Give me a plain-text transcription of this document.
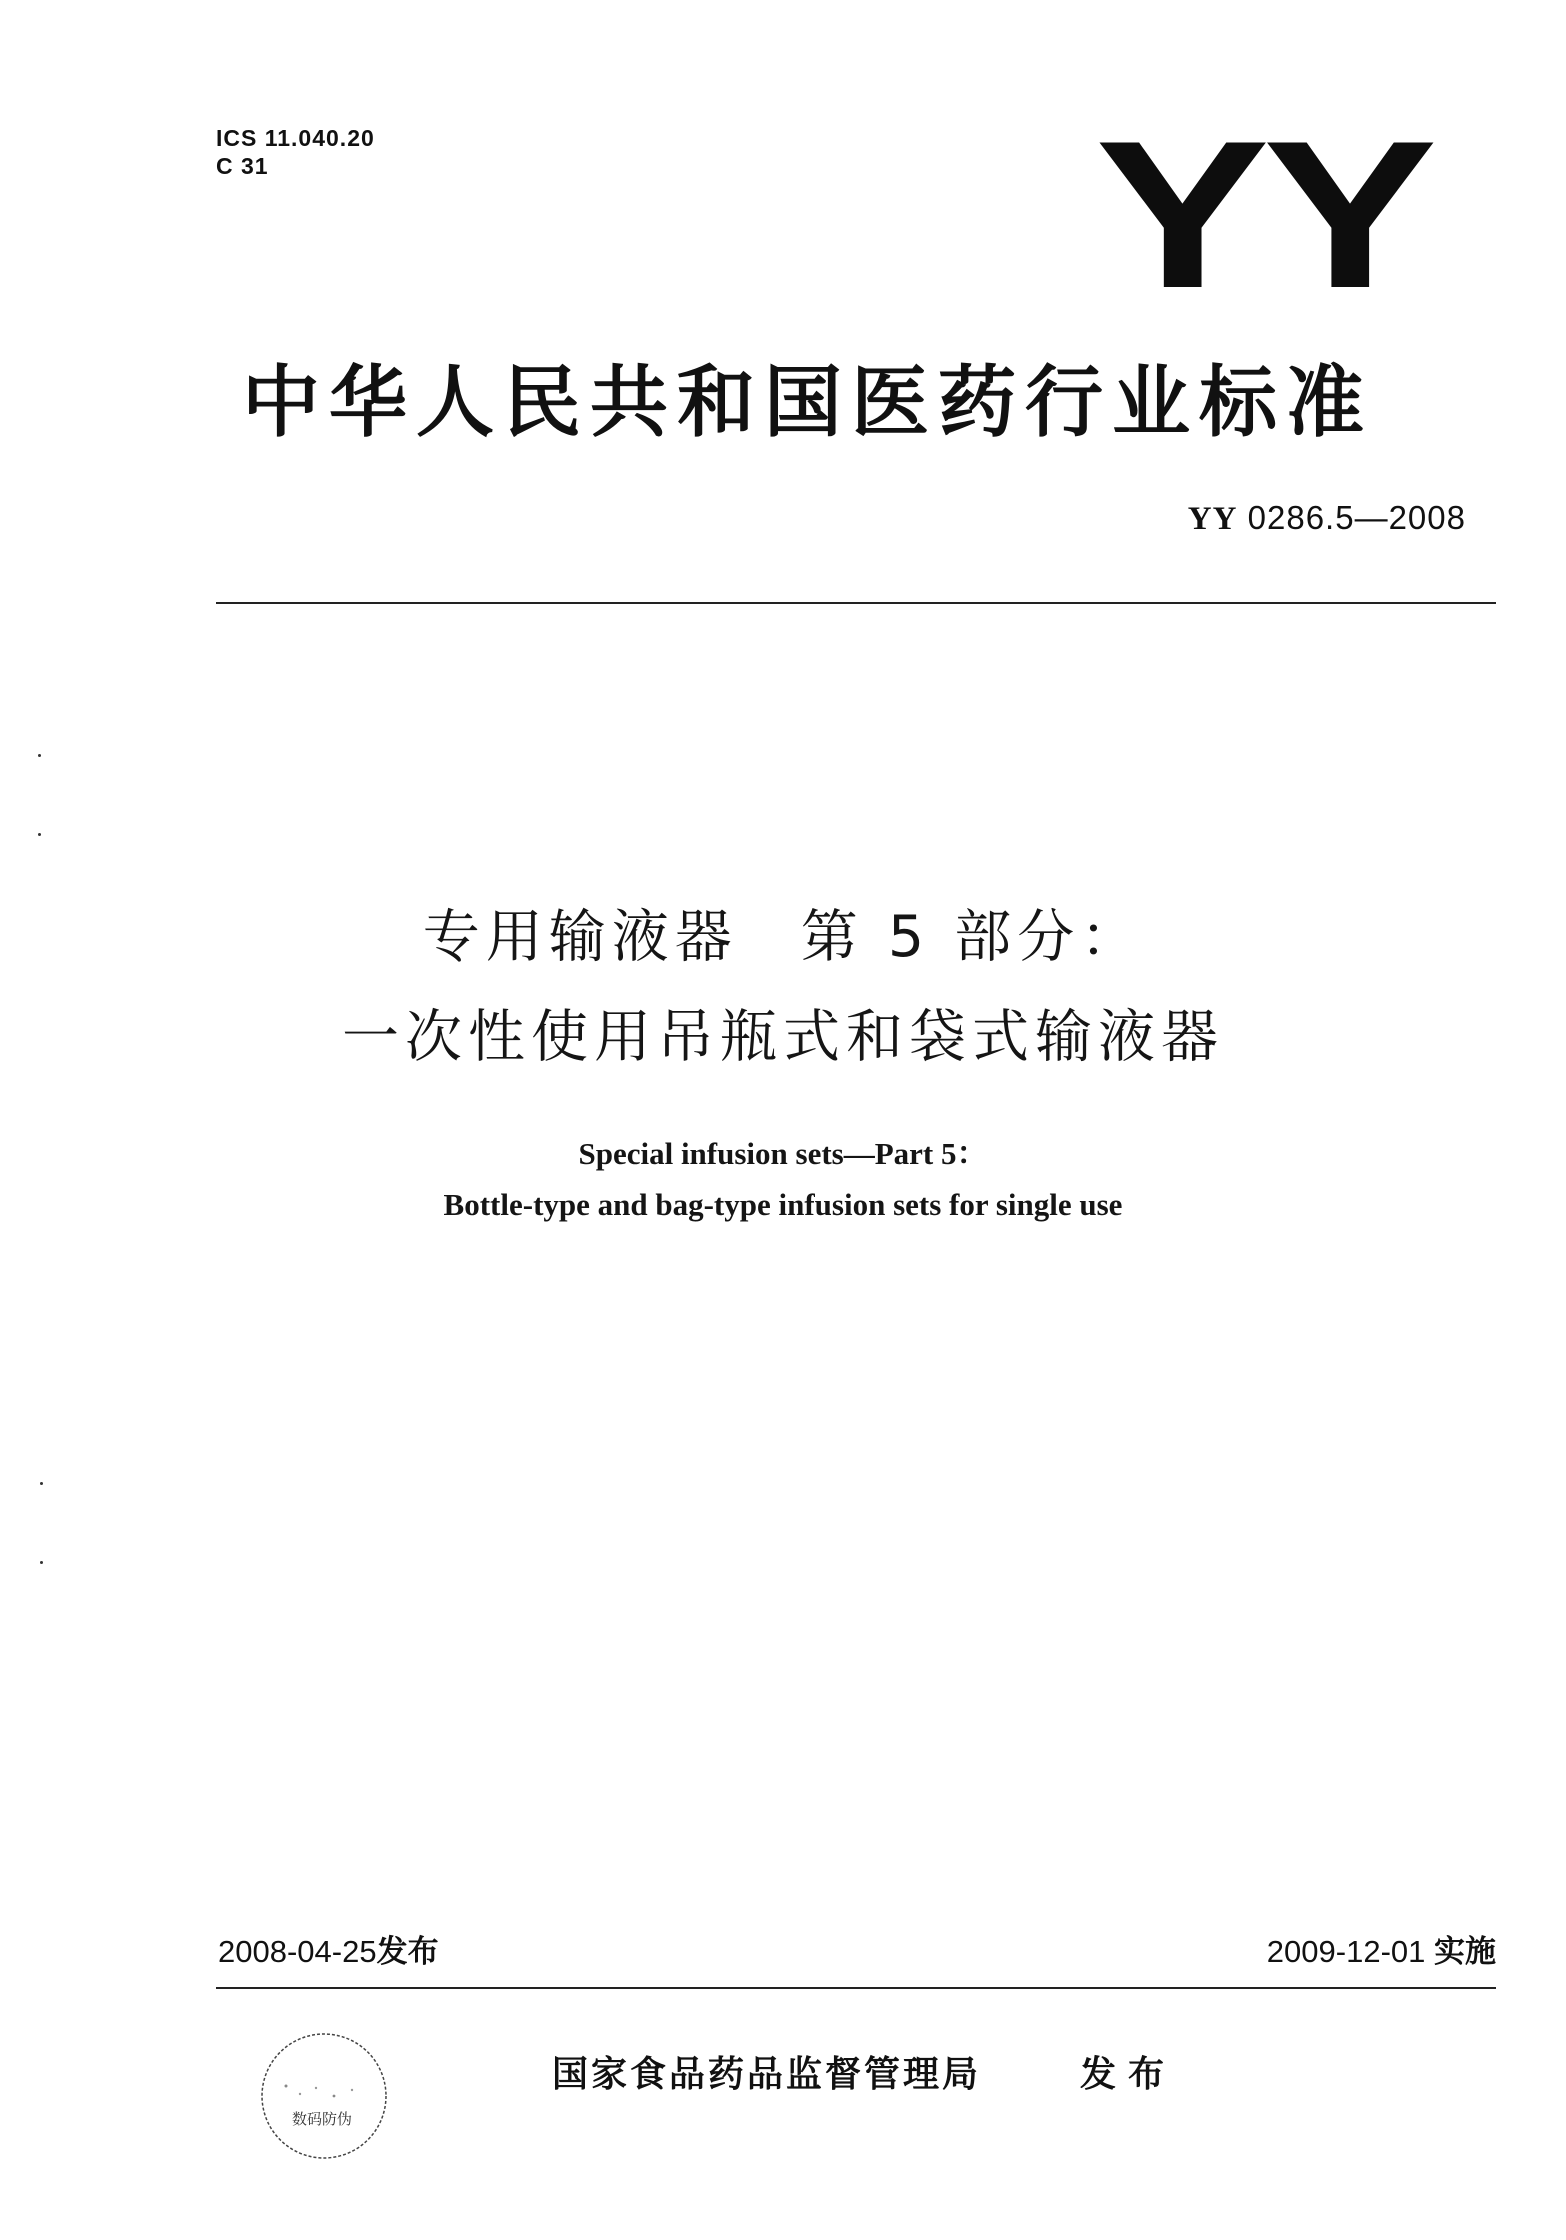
ICS 11.040.20
C 31	YY
中华人民共和国医药行业标准
YY 0286.5—2008
专用输液器　第 5 部分：
一次性使用吊瓶式和袋式输液器
Special infusion sets—Part 5：
Bottle-type and bag-type infusion sets for single use
2008-04-25发布	2009-12-01 实施
数码防伪
国家食品药品监督管理局	发布
